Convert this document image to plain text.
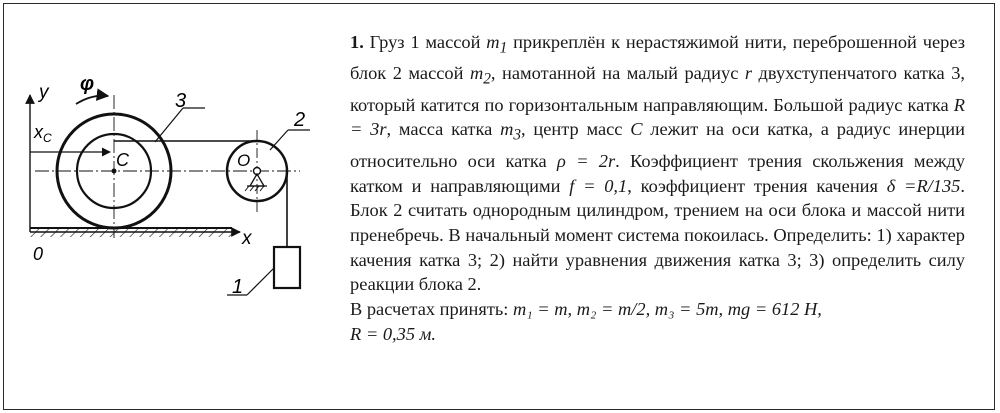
y φ
3
2
1
$x_C$
C	O
x
0

1. Груз 1 массой $m_1$ прикреплён к нерастяжимой нити, переброшенной через блок 2 массой $m_2$, намотанной на малый радиус r двухступенчатого катка 3, который катится по горизонтальным направляющим. Большой радиус катка R = 3r, масса катка $m_3$, центр масс C лежит на оси катка, а радиус инерции относительно оси катка ρ = 2r. Коэффициент трения скольжения между катком и направляющими f = 0,1, коэффициент трения качения δ =R/135. Блок 2 считать однородным цилиндром, трением на оси блока и массой нити пренебречь. В начальный момент система покоилась. Определить: 1) характер качения катка 3; 2) найти уравнения движения катка 3; 3) определить силу реакции блока 2.

В расчетах принять: m₁ = m, m₂ = m/2, m₃ = 5m, mg = 612 Н,

R = 0,35 м.
